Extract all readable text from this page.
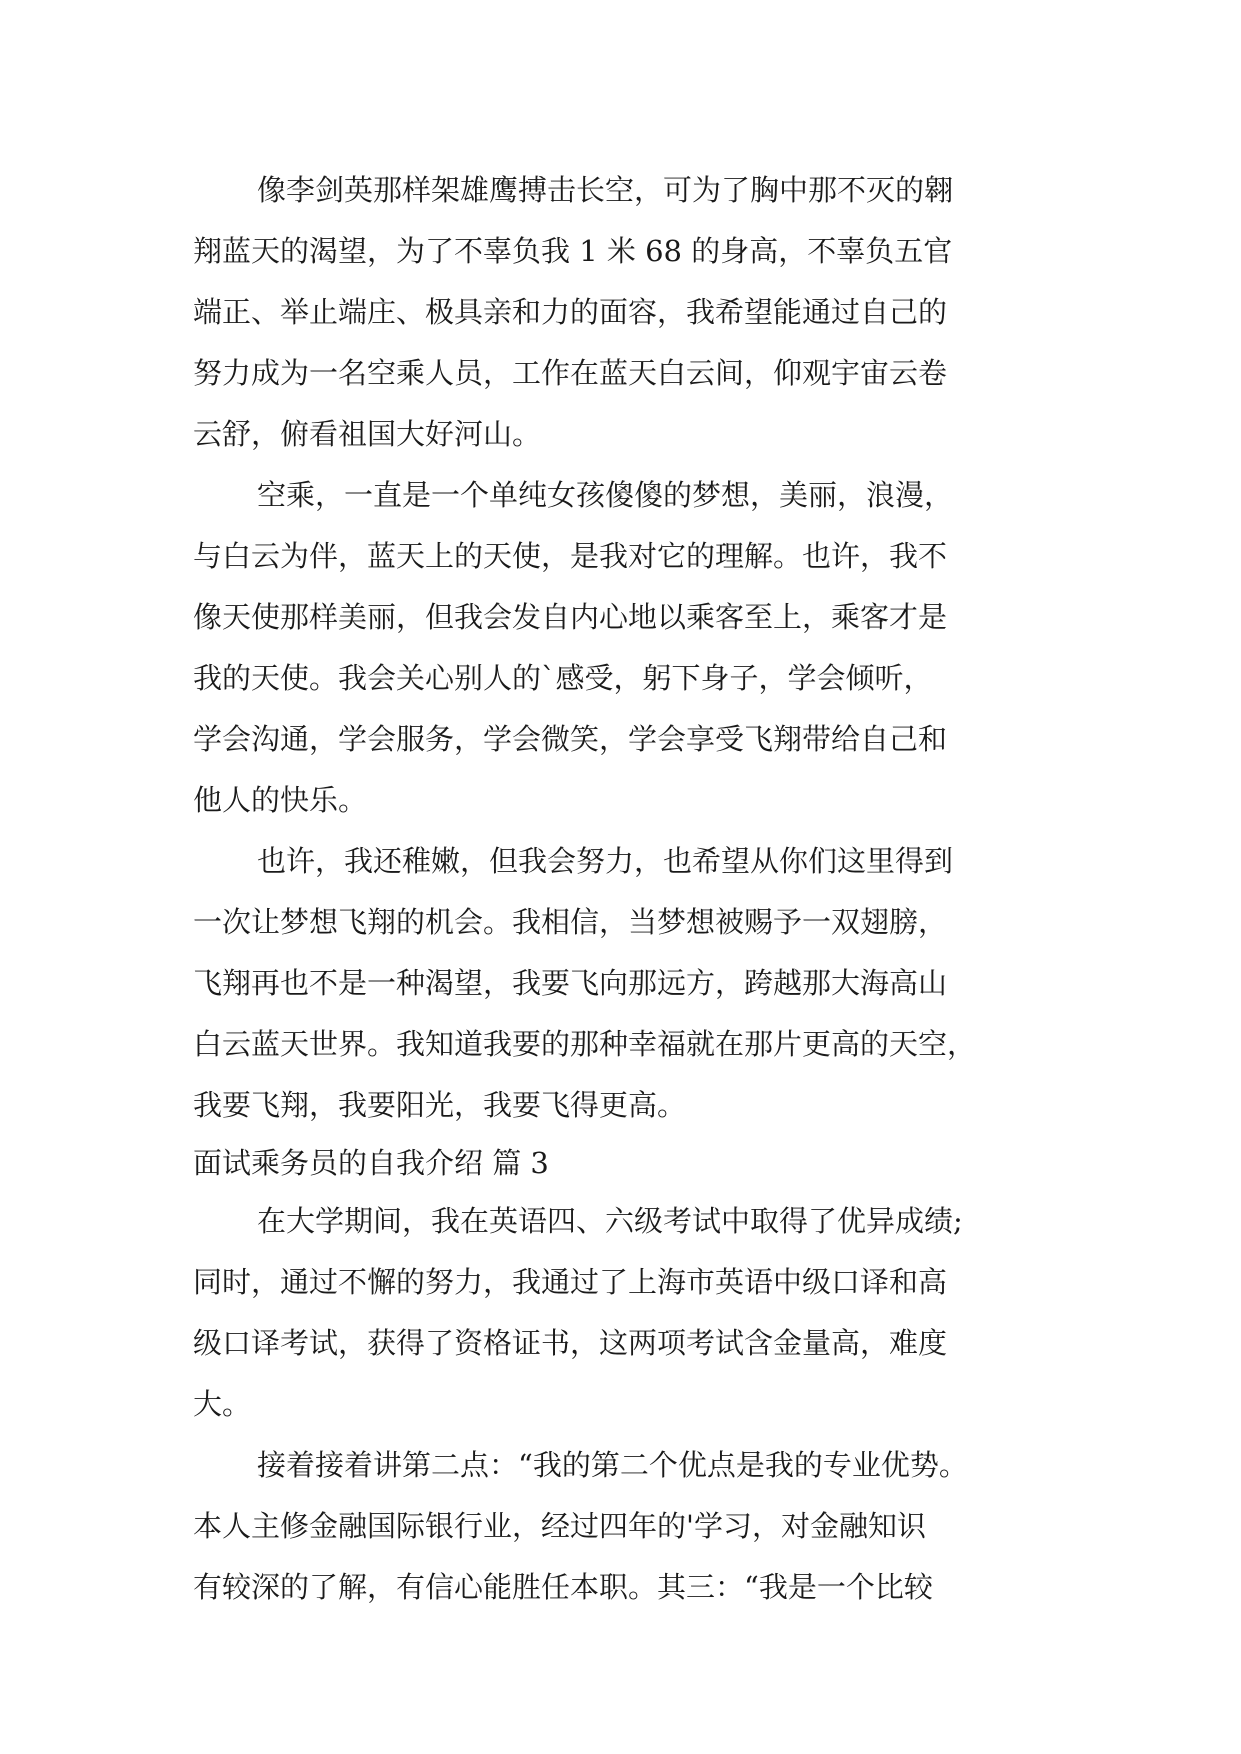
像李剑英那样架雄鹰搏击长空，可为了胸中那不灭的翱
翔蓝天的渴望，为了不辜负我 1 米 68 的身高，不辜负五官
端正、举止端庄、极具亲和力的面容，我希望能通过自己的
努力成为一名空乘人员，工作在蓝天白云间，仰观宇宙云卷
云舒，俯看祖国大好河山。
空乘，一直是一个单纯女孩傻傻的梦想，美丽，浪漫，
与白云为伴，蓝天上的天使，是我对它的理解。也许，我不
像天使那样美丽，但我会发自内心地以乘客至上，乘客才是
我的天使。我会关心别人的`感受，躬下身子，学会倾听，
学会沟通，学会服务，学会微笑，学会享受飞翔带给自己和
他人的快乐。
也许，我还稚嫩，但我会努力，也希望从你们这里得到
一次让梦想飞翔的机会。我相信，当梦想被赐予一双翅膀，
飞翔再也不是一种渴望，我要飞向那远方，跨越那大海高山
白云蓝天世界。我知道我要的那种幸福就在那片更高的天空，
我要飞翔，我要阳光，我要飞得更高。
面试乘务员的自我介绍 篇 3
在大学期间，我在英语四、六级考试中取得了优异成绩;
同时，通过不懈的努力，我通过了上海市英语中级口译和高
级口译考试，获得了资格证书，这两项考试含金量高，难度
大。
接着接着讲第二点：“我的第二个优点是我的专业优势。
本人主修金融国际银行业，经过四年的'学习，对金融知识
有较深的了解，有信心能胜任本职。其三：“我是一个比较
